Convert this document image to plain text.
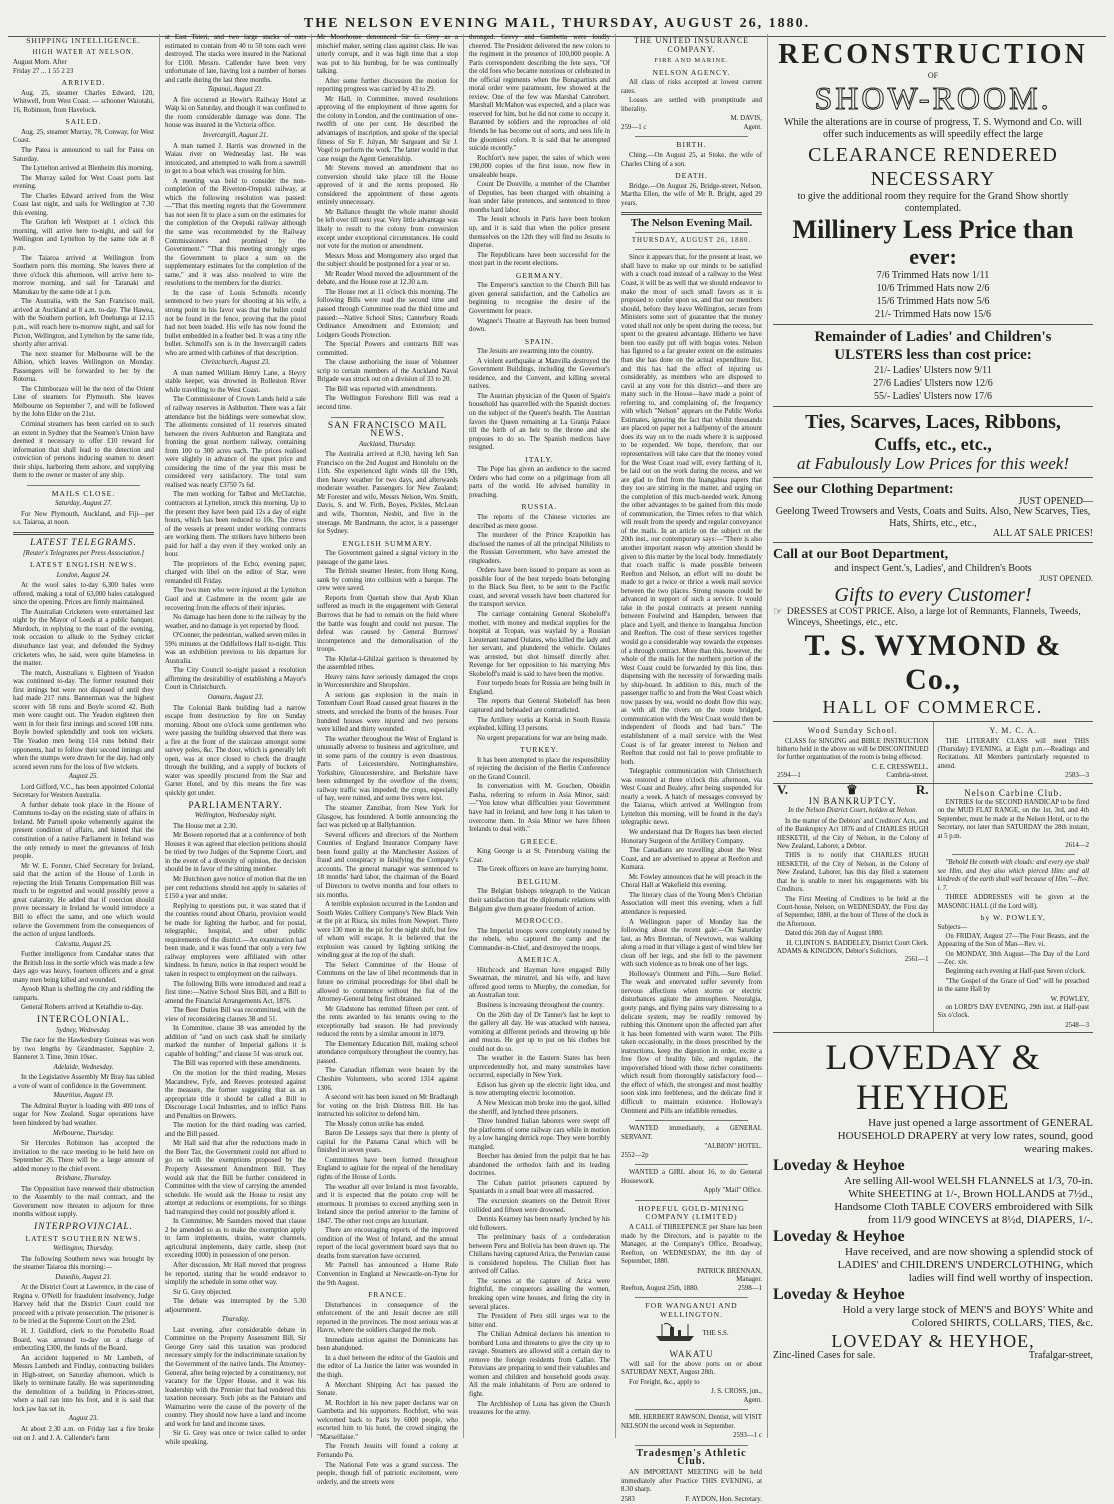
THE NELSON EVENING MAIL, THURSDAY, AUGUST 26, 1880.
SHIPPING INTELLIGENCE.
HIGH WATER AT NELSON.
August Morn. After
Friday 27 ... 1 55 2 23
ARRIVED.

Aug. 25, steamer Charles Edward, 120, Whitwell, from West Coast. — schooner Waiotahi, 16, Robinson, from Havelock.

SAILED.

Aug. 25, steamer Murray, 78, Conway, for West Coast.

The Patea is announced to sail for Patea on Saturday.

The Lyttelton arrived at Blenheim this morning.

The Murray sailed for West Coast ports last evening.

The Charles Edward arrived from the West Coast last night, and sails for Wellington at 7.30 this evening.

The Grafton left Westport at 1 o'clock this morning, will arrive here to-night, and sail for Wellington and Lyttelton by the same tide at 8 p.m.

The Taiaroa arrived at Wellington from Southern ports this morning. She leaves there at three o'clock this afternoon, will arrive here to-morrow morning, and sail for Taranaki and Manukau by the same tide at 1 p.m.

The Australia, with the San Francisco mail, arrived at Auckland at 8 a.m. to-day. The Hawea, with the Southern portion, left Onehunga at 12.15 p.m., will reach here to-morrow night, and sail for Picton, Wellington, and Lyttelton by the same tide, shortly after arrival.

The next steamer for Melbourne will be the Albion, which leaves Wellington on Monday. Passengers will be forwarded to her by the Rotorua.

The Chimborazo will be the next of the Orient Line of steamers for Plymouth. She leaves Melbourne on September 7, and will be followed by the John Elder on the 21st.

Criminal steamers has been carried on to such an extent in Sydney that the Seamen's Union have deemed it necessary to offer £10 reward for information that shall lead to the detection and conviction of persons inducing seamen to desert their ships, harboring them ashore, and supplying them to the owner or master of any ship.

MAILS CLOSE.
Saturday, August 27.

For New Plymouth, Auckland, and Fiji—per s.s. Taiaroa, at noon.

LATEST TELEGRAMS.
[Reuter's Telegrams per Press Association.]
LATEST ENGLISH NEWS.
London, August 24.

At the wool sales to-day 6,300 bales were offered, making a total of 63,000 bales catalogued since the opening. Prices are firmly maintained.

The Australian Cricketers were entertained last night by the Mayor of Leeds at a public banquet. Murdoch, in replying to the toast of the evening, took occasion to allude to the Sydney cricket disturbance last year, and defended the Sydney cricketers who, he said, were quite blameless in the matter.

The match, Australians v. Eighteen of Yeadon was continued to-day. The former resumed their first innings but were not disposed of until they had made 217 runs. Bannerman was the highest scorer with 58 runs and Boyle scored 42. Both men were caught out. The Yeadon eighteen then went in for their first innings and scored 108 runs. Boyle bowled splendidly and took ten wickets. The Yeadon men being 114 runs behind their opponents, had to follow their second innings and when the stumps were drawn for the day, had only scored seven runs for the loss of five wickets.

August 25.

Lord Gifford, V.C., has been appointed Colonial Secretary for Western Australia.

A further debate took place in the House of Commons to-day on the existing state of affairs in Ireland. Mr Parnell spoke vehemently against the present condition of affairs, and hinted that the constitution of a native Parliament in Ireland was the only remedy to meet the grievances of Irish people.

Mr W. E. Forster, Chief Secretary for Ireland, said that the action of the House of Lords in rejecting the Irish Tenants Compensation Bill was much to be regretted and would possibly prove a great calamity. He added that if coercion should prove necessary in Ireland he would introduce a Bill to effect the same, and one which would relieve the Government from the consequences of the action of unjust landlords.

Calcutta, August 25.

Further intelligence from Candahar states that the British loss in the sortie which was made a few days ago was heavy, fourteen officers and a great many men being killed and wounded.

Ayoob Khan is shelling the city and riddling the ramparts.

General Roberts arrived at Ketalhdie to-day.

INTERCOLONIAL.
Sydney, Wednesday.

The race for the Hawkesbury Guineas was won by two lengths by Grandmaster, Sapphire 2, Banneret 3. Time, 3min 10sec.

Adelaide, Wednesday.

In the Legislative Assembly Mr Bray has tabled a vote of want of confidence in the Government.

Mauritius, August 19.

The Admiral Ruyter is loading with 400 tons of sugar for New Zealand. Sugar operations have been hindered by bad weather.

Melbourne, Thursday.

Sir Hercules Robinson has accepted the invitation to the race meeting to be held here on September 26. There will be a large amount of added money to the chief event.

Brisbane, Thursday.

The Opposition have renewed their obstruction to the Assembly to the mail contract, and the Government now threaten to adjourn for three months without supply.

INTERPROVINCIAL.
LATEST SOUTHERN NEWS.
Wellington, Thursday.

The following Southern news was brought by the steamer Taiaroa this morning:—

Dunedin, August 21.

At the District Court at Lawrence, in the case of Regina v. O'Neill for fraudulent insolvency, Judge Harvey held that the District Court could not proceed with a private prosecution. The prisoner is to be tried at the Supreme Court on the 23rd.

H. J. Guildford, clerk to the Portobello Road Board, was arrested to-day on a charge of embezzling £300, the funds of the Board.

An accident happened to Mr Lambeth, of Messrs Lambeth and Findlay, contracting builders in High-street, on Saturday afternoon, which is likely to terminate fatally. He was superintending the demolition of a building in Princes-street, when a nail ran into his foot, and it is said that lock jaw has set in.

August 23.

At about 2.30 a.m. on Friday last a fire broke out on J. and J. A. Callender's farm

at East Taieri, and two large stacks of oats estimated to contain from 40 to 50 tons each were destroyed. The stacks were insured in the National for £100. Messrs. Callender have been very unfortunate of late, having lost a number of horses and cattle during the last three months.

Tapanui, August 23.

A fire occurred at Hewitt's Railway Hotel at Waip ki on Saturday, and though it was confined to the room considerable damage was done. The house was insured in the Victoria office.

Invercargill, August 21.

A man named J. Harris was drowned in the Waiau river on Wednesday last. He was intoxicated, and attempted to walk from a sawmill to get to a boat which was crossing for him.

A meeting was held to consider the non-completion of the Riverton-Orepuki railway, at which the following resolution was passed:—"That this meeting regrets that the Government has not seen fit to place a sum on the estimates for the completion of the Orepuki railway although the same was recommended by the Railway Commissioners and promised by the Government." "That this meeting strongly urges the Government to place a sum on the supplementary estimates for the completion of the same," and it was also resolved to wire the resolutions to the members for the district.

In the case of Louis Schmolls recently sentenced to two years for shooting at his wife, a strong point in his favor was that the bullet could not be found in the fence, proving that the pistol had not been loaded. His wife has now found the bullet embedded in a feather bed. It was a tiny rifle bullet. Schmoll's son is in the Invercargill cadets who are armed with carbines of that description.

Christchurch, August 23.

A man named William Henry Lane, a Heyry stable keeper, was drowned in Rolleston River while travelling to the West Coast.

The Commissioner of Crown Lands held a sale of railway reserves in Ashburton. There was a fair attendance but the biddings were somewhat slow. The allotments consisted of 11 reserves situated between the rivers Ashburton and Rangitata and fronting the great northern railway, containing from 100 to 300 acres each. The prices realised were slightly in advance of the upset price and considering the time of the year this must be considered very satisfactory. The total sum realised was nearly £3750 7s 6d.

The men working for Talbot and McClatchie, contractors at Lyttelton, struck this morning. Up to the present they have been paid 12s a day of eight hours, which has been reduced to 10s. The crews of the vessels at present under working contracts are working them. The strikers have hitherto been paid for half a day even if they worked only an hour.

The proprietors of the Echo, evening paper, charged with libel on the editor of Star, were remanded till Friday.

The two men who were injured at the Lyttelton Gaol and at Cashmere in the recent gale are recovering from the effects of their injuries.

No damage has been done to the railway by the weather, and no damage is yet reported by flood.

O'Conner, the pedestrian, walked seven miles in 59¾ minutes at the Oddfellows Hall to-night. This was an exhibition previous to his departure for Australia.

The City Council to-night passed a resolution affirming the desirability of establishing a Mayor's Court in Christchurch.

Oamaru, August 23.

The Colonial Bank building had a narrow escape from destruction by fire on Sunday morning. About one o'clock some gentlemen who were passing the building observed that there was a fire at the front of the staircase amongst some survey poles, &c. The door, which is generally left open, was at once closed to check the draught through the building, and a supply of buckets of water was speedily procured from the Star and Garter Hotel, and by this means the fire was quickly got under.

PARLIAMENTARY.
Wellington, Wednesday night.

The House met at 2.30.

Mr Bowen reported that at a conference of both Houses it was agreed that election petitions should be tried by two Judges of the Supreme Court, and in the event of a diversity of opinion, the decision should be in favor of the sitting member.

Mr Hutchison gave notice of motion that the ten per cent reductions should not apply to salaries of £150 a year and under.

Replying to questions put, it was stated that if the counties round about Ohariu, provision would be made for lighting the harbor, and for postal, telegraphic, hospital, and other public requirements of the district.—An examination had been made, and it was found that only a very few railway employees were affiliated with other kindness. In future, notice in that respect would be taken in respect to employment on the railways.

The following Bills were introduced and read a first time:—Native School Sites Bill, and a Bill to amend the Financial Arrangements Act, 1876.

The Beer Duties Bill was recommitted, with the view of reconsidering clauses 38 and 51.

In Committee, clause 38 was amended by the addition of "and on such cask shall be similarly marked the number of Imperial gallons it is capable of holding;" and clause 51 was struck out.

The Bill was reported with these amendments.

On the motion for the third reading, Messrs Macandrew, Fyfe, and Reeves protested against the measure, the former suggesting that as an appropriate title it should be called a Bill to Discourage Local Industries, and to inflict Pains and Penalties on Brewers.

The motion for the third reading was carried, and the Bill passed.

Mr Hall said that after the reductions made in the Beer Tax, the Government could not afford to go on with the exemptions proposed by the Property Assessment Amendment Bill. They would ask that the Bill be further considered in Committee with the view of carrying the amended schedule. He would ask the House to resist any attempt at reductions or exemptions, for so things had transpired they could not possibly afford it.

In Committee, Mr Saunders moved that clause 2 be amended so as to make the exemption apply to farm implements, drains, water channels, agricultural implements, dairy cattle, sheep (not exceeding 1000) in possession of one person.

After discussion, Mr Hall moved that progress be reported, stating that he would endeavor to simplify the schedule in some other way.

Sir G. Grey objected.

The debate was interrupted by the 5.30 adjournment.

Thursday.

Last evening, after considerable debate in Committee on the Property Assessment Bill, Sir George Grey said this taxation was produced necessary simply for the indiscriminate taxation by the Government of the native lands. The Attorney-General, after being rejected by a constituency, not vacancy for the Upper House, and it was his leadership with the Premier that had rendered this taxation necessary. Such jobs as the Patutaro and Waimarino were the cause of the poverty of the country. They should now have a land and income and work for land and income taxes.

Sir G. Grey was once or twice called to order while speaking.

Mr Moorhouse denounced Sir G. Grey as a mischief maker, setting class against class. He was utterly corrupt, and it was high time that a stop was put to his humbug, for he was continually talking.

After some further discussion the motion for reporting progress was carried by 43 to 29.

Mr Hall, in Committee, moved resolutions approving of the employment of three agents for the colony in London, and the continuation of one-twelfth of one per cent. He described the advantages of inscription, and spoke of the special fitness of Sir F. Julyan, Mr Sargeant and Sir J. Vogel to perform the work. The latter would in that case resign the Agent Generalship.

Mr Stevens moved an amendment that no conversion should take place till the House approved of it and the terms proposed. He considered the appointment of these agents entirely unnecessary.

Mr Ballance thought the whole matter should be left over till next year. Very little advantage was likely to result to the colony from conversion except under exceptional circumstances. He could not vote for the motion or amendment.

Messrs Moss and Montgomery also urged that the subject should be postponed for a year or so.

Mr Reader Wood moved the adjournment of the debate, and the House rose at 12.30 a.m.

The House met at 11 o'clock this morning. The following Bills were read the second time and passed through Committee read the third time and passed:—Native School Sites; Canterbury Roads Ordinance Amendment and Extension; and Lodgers Goods Protection.

The Special Powers and contracts Bill was committed.

The clause authorising the issue of Volunteer scrip to certain members of the Auckland Naval Brigade was struck out on a division of 33 to 20.

The Bill was reported with amendments.

The Wellington Foreshore Bill was read a second time.

SAN FRANCISCO MAIL NEWS.
Auckland, Thursday.

The Australia arrived at 8.30, having left San Francisco on the 2nd August and Honolulu on the 11th. She experienced light winds till the 19th, then heavy weather for two days, and afterwards moderate weather. Passengers for New Zealand; Mr Forester and wife, Messrs Nelson, Wm. Smith, Davis, S. and W. Firth, Boyes, Pickles, McLean and wife, Thornton, Nesbit, and five in the steerage. Mr Bandmann, the actor, is a passenger for Sydney.

ENGLISH SUMMARY.

The Government gained a signal victory in the passage of the game laws.

The British steamer Hester, from Hong Kong, sank by coming into collision with a barque. The crew were saved.

Reports from Quettah show that Ayub Khan suffered as much in the engagement with General Burrows that he had to remain on the field where the battle was fought and could not pursue. The defeat was caused by General Burrows' incompetence and the demoralisation of the troops.

The Khelat-i-Ghilzai garrison is threatened by the assembled tribes.

Heavy rains have seriously damaged the crops in Worcestershire and Shropshire.

A serious gas explosion in the main in Tottenham Court Road caused great fissures in the streets, and wrecked the fronts of the houses. Four hundred houses were injured and two persons were killed and thirty wounded.

The weather throughout the West of England is unusually adverse to business and agriculture, and in some parts of the country is even disastrous. Parts of Leicestershire, Nottinghamshire, Yorkshire, Gloucestershire, and Berkshire have been submerged by the overflow of the rivers; railway traffic was impeded; the crops, especially of hay, were ruined, and some lives were lost.

The steamer Zanzibar, from New York for Glasgow, has foundered. A bottle announcing the fact was picked up at Ballyhannion.

Several officers and directors of the Northern Counties of England Insurance Company have been found guilty at the Manchester Assizes of fraud and conspiracy in falsifying the Company's accounts. The general manager was sentenced to 18 months' hard labor, the chairman of the Board of Directors to twelve months and four others to six months.

A terrible explosion occurred in the London and South Wales Colliery Company's New Black Vein at the pit at Risca, six miles from Newport. There were 130 men in the pit for the night shift, but few of whom will escape. It is believed that the explosion was caused by lighting striking the winding gear at the top of the shaft.

The Select Committee of the House of Commons on the law of libel recommends that in future no criminal proceedings for libel shall be allowed to commence without the fiat of the Attorney-General being first obtained.

Mr Gladstone has remitted fifteen per cent. of the rents awarded to his tenants owing to the exceptionally bad season. He had previously reduced the rents by a similar amount in 1879.

The Elementary Education Bill, making school attendance compulsory throughout the country, has passed.

The Canadian rifleman were beaten by the Cheshire Volunteers, who scored 1314 against 1306.

A second writ has been issued on Mr Bradlaugh for voting on the Irish Distress Bill. He has instructed his solicitor to defend him.

The Mossly cotton strike has ended.

Baron De Lesseps says that there is plenty of capital for the Panama Canal which will be finished in seven years.

Committees have been formed throughout England to agitate for the repeal of the hereditary rights of the House of Lords.

The weather all over Ireland is most favorable, and it is expected that the potato crop will be enormous. It promises to exceed anything seen in Ireland since the period anterior to the famine of 1847. The other root crops are luxuriant.

There are encouraging reports of the improved condition of the West of Ireland, and the annual report of the local government board says that no deaths from starvation have occurred.

Mr Parnell has announced a Home Rule Convention in England at Newcastle-on-Tyne for the 9th August.

FRANCE.

Disturbances in consequence of the enforcement of the anti Jesuit decree are still reported in the provinces. The most serious was at Havre, where the soldiers charged the mob.

Immediate action against the Dominicans has been abandoned.

In a duel between the editor of the Gaulois and the editor of La Justice the latter was wounded in the thigh.

A Merchant Shipping Act has passed the Senate.

M. Rochfort in his new paper declares war on Gambetta and his supporters. Rochfort, who was welcomed back to Paris by 6000 people, who escorted him to his hotel, the crowd singing the "Marseillaise."

The French Jesuits will found a colony at Fernando Po.

The National Fete was a grand success. The people, though full of patriotic excitement, were orderly, and the streets were

thronged. Grevy and Gambetta were loudly cheered. The President delivered the new colors to the regiment in the presence of 100,000 people. A Paris correspondent describing the fete says, "Of the old foes who became notorious or celebrated in the official regiments when the Bonapartists and moral order were paramount, few showed at the review. One of the few was Marshal Canrobert. Marshall McMahon was expected, and a place was reserved for him, but he did not come to occupy it. Baranted by soldiers and the reproaches of old friends he has become out of sorts, and sees life in the gloomiest colors. It is said that he attempted suicide recently."

Rochfort's new paper, the sales of which were 190,000 copies of the first issue, now flew in unsaleable heaps.

Count De Douville, a member of the Chamber of Deputies, has been charged with obtaining a loan under false pretences, and sentenced to three months hard labor.

The Jesuit schools in Paris have been broken up, and it is said that when the police present themselves on the 12th they will find no Jesuits to disperse.

The Republicans have been successful for the most part in the recent elections.

GERMANY.

The Emperor's sanction to the Church Bill has given general satisfaction, and the Catholics are beginning to recognise the desire of the Government for peace.

Wagner's Theatre at Bayreuth has been burned down.

SPAIN.

The Jesuits are swarming into the country.

A violent earthquake at Manvilla destroyed the Government Buildings, including the Governor's residence, and the Convent, and killing several natives.

The Austrian physician of the Queen of Spain's household has quarrelled with the Spanish doctors on the subject of the Queen's health. The Austrian favors the Queen remaining at La Granja Palace till the birth of an heir to the throne and she proposes to do so. The Spanish medicos have resigned.

ITALY.

The Pope has given an audience to the sacred Orders who had come on a pilgrimage from all parts of the world. He advised humility in preaching.

RUSSIA.

The reports of the Chinese victories are described as mere goose.

The murderer of the Prince Krapotkin has disclosed the names of all the principal Nihilists to the Russian Government, who have arrested the ringleaders.

Orders have been issued to prepare as soon as possible four of the best torpedo boats belonging to the Black Sea fleet, to be sent to the Pacific coast, and several vessels have been chartered for the transport service.

The carriage containing General Skobeloff's mother, with money and medical supplies for the hospital at Tcopan, was waylaid by a Russian Lieutenant named Oulates, who killed the lady and her servant, and plundered the vehicle. Oulates was arrested, but shot himself directly after. Revenge for her opposition to his marrying Mrs Skobeloff's maid is said to have been the motive.

Four torpedo boats for Russia are being built in England.

The reports that General Skobeloff has been captured and beheaded are contradicted.

The Artillery works at Korisk in South Russia exploded, killing 13 persons.

No urgent preparations for war are being made.

TURKEY.

It has been attempted to place the responsibility of rejecting the decision of the Berlin Conference on the Grand Council.

In conversation with M. Goschen, Obeidin Pasha, referring to reform in Asia Minor, said:—"You know what difficulties your Government have had in Ireland, and how long it has taken to overcome them. In Asia Minor we have fifteen Irelands to deal with."

GREECE.

King George is at St. Petersburg visiting the Czar.

The Greek officers on leave are hurrying home.

BELGIUM.

The Belgian bishops telegraph to the Vatican their satisfaction that the diplomatic relations with Belgium give them greater freedom of action.

MOROCCO.

The Imperial troops were completely routed by the rebels, who captured the camp and the Commander-in-Chief, and destroyed the troops.

AMERICA.

Hitchcock and Hayman have engaged Billy Sweatman, the minstrel, and his wife, and have offered good terms to Murphy, the comedian, for an Australian tour.

Business is increasing throughout the country.

On the 26th day of Dr Tanner's fast he kept to the gallery all day. He was attacked with nausea, vomiting at different periods and throwing up bile and mucus. He got up to put on his clothes but could not do so.

The weather in the Eastern States has been unprecedentedly hot, and many sunstrokes have occurred, especially in New York.

Edison has given up the electric light idea, and is now attempting electric locomotion.

A New Mexican mob broke into the gaol, killed the sheriff, and lynched three prisoners.

Three hundred Italian laborers were swept off the platforms of some railway cars while in motion by a low hanging derrick rope. They were horribly mangled.

Beecher has denied from the pulpit that he has abandoned the orthodox faith and its leading doctrines.

The Cuban patriot prisoners captured by Spaniards in a small boat were all massacred.

The excursion steamers on the Detroit River collided and fifteen were drowned.

Dennis Kearney has been nearly lynched by his old followers.

The preliminary basis of a confederation between Peru and Bolivia has been drawn up. The Chilians having captured Arica, the Peruvian cause is considered hopeless. The Chilian fleet has arrived off Callao.

The scenes at the capture of Arica were frightful, the conquerors assailing the women, breaking open wine houses, and firing the city in several places.

The President of Peru still urges war to the bitter end.

The Chilian Admiral declares his intention to bombard Luna and threatens to give the city up to ravage. Steamers are allowed still a certain day to remove the foreign residents from Callao. The Peruvians are preparing to send their valuables and women and children and household goods away. All the male inhabitants of Peru are ordered to fight.

The Archbishop of Luna has given the Church treasures for the army.

THE UNITED INSURANCE COMPANY.
FIRE AND MARINE.
NELSON AGENCY.

All class of risks accepted at lowest current rates.

Losses are settled with promptitude and liberality.

M. DAVIS,
259—1 c	Agent.
BIRTH.

Ching.—On August 25, at Stoke, the wife of Charles Ching of a son.

DEATH.

Bridge.—On August 26, Bridge-street, Nelson, Martha Ellen, the wife of Mr R. Bright, aged 29 years.

The Nelson Evening Mail.
THURSDAY, AUGUST 26, 1880.

Since it appears that, for the present at least, we shall have to make up our minds to be satisfied with a coach road instead of a railway to the West Coast, it will be as well that we should endeavor to make the most of such small favors as it is proposed to confer upon us, and that our members should, before they leave Wellington, secure from Ministers some sort of guarantee that the money voted shall not only be spent during the recess, but spent to the greatest advantage. Hitherto we have been too easily put off with bogus votes. Nelson has figured to a far greater extent on the estimates than she has done on the actual expenditure list, and this has had the effect of injuring us considerably, as members who are disposed to cavil at any vote for this district—and there are many such in the House—have made a point of referring to, and complaining of, the frequency with which "Nelson" appears on the Public Works Estimates, ignoring the fact that whilst thousands are placed on paper not a halfpenny of the amount does its way on to the roads where it is supposed to be expended. We hope, therefore, that our representatives will take care that the money voted for the West Coast road will, every farthing of it, be laid out on the work during the recess, and we are glad to find from the Inangahua papers that they too are stirring in the matter, and urging on the completion of this much-needed work. Among the other advantages to be gained from this mode of communication, the Times refers to that which will result from the speedy and regular conveyance of the mails. In an article on the subject on the 20th inst., our contemporary says:—"There is also another important reason why attention should be given to this matter by the local body. Immediately that coach traffic is made possible between Reefton and Nelson, an effort will no doubt be made to get a twice or thrice a week mail service between the two places. Strong reasons could be advanced in support of such a service. It would take in the postal contracts at present running between Foulwind and Hampden, between that place and Lyell, and thence to Inangahua Junction and Reefton. The cost of these services together would go a considerable way towards the expenses of a through contract. More than this, however, the whole of the mails for the northern portion of the West Coast could be forwarded by this line, thus dispensing with the necessity of forwarding mails by ship-board. In addition to this, much of the passenger traffic to and from the West Coast which now passes by sea, would no doubt flow this way, as with all the rivers on the route bridged, communication with the West Coast would then be independent of floods and bad bars." The establishment of a mail service with the West Coast is of far greater interest to Nelson and Reefton that could not fail to prove profitable to both.

Telegraphic communication with Christchurch was restored at three o'clock this afternoon, via West Coast and Bealey, after being suspended for nearly a week. A batch of messages conveyed by the Taiaroa, which arrived at Wellington from Lyttelton this morning, will be found in the day's telegraphic news.

We understand that Dr Rogers has been elected Honorary Surgeon of the Artillery Company.

The Canadians are travelling about the West Coast, and are advertised to appear at Reefton and Kumara.

Mr. Fowley announces that he will preach in the Choral Hall at Wakefield this evening.

The literary class of the Young Men's Christian Association will meet this evening, when a full attendance is requested.

A Wellington paper of Monday has the following about the recent gale:—On Saturday last, as Mrs Brennan, of Newtown, was walking along a road in that village a gust of wind blew her clean off her legs, and she fell to the pavement with such violence as to break one of her legs.

Holloway's Ointment and Pills.—Sure Relief. The weak and enervated suffer severely from nervous affections when storms or electric disturbances agitate the atmosphere. Neuralgia, gouty pangs, and flying pains vary distressing to a delicate system, may be readily removed by rubbing this Ointment upon the affected part after it has been fomented with warm water. The Pills taken occasionally, in the doses prescribed by the instructions, keep the digestion in order, excite a free flow of healthy bile, and regulate, the impoverished blood with those richer constituents which result from thoroughly satisfactory food—the effect of which, the strongest and most healthy soon sink into feebleness, and the delicate find it difficult to maintain existence. Holloway's Ointment and Pills are infallible remedies.

WANTED immediately, a GENERAL SERVANT.

"ALBION" HOTEL.
2552—2p

WANTED a GIRL about 16, to do General Housework.

Apply "Mail" Office.
HOPEFUL GOLD-MINING COMPANY (LIMITED)

A CALL of THREEPENCE per Share has been made by the Directors, and is payable to the Manager, at the Company's Office, Broadway, Reefton, on WEDNESDAY, the 8th day of September, 1880.

PATRICK BRENNAN,
Manager.
Reefton, August 25th, 1880.	2598—1
FOR WANGANUI AND WELLINGTON.
THE S.S.
WAKATU

will sail for the above ports on or about SATURDAY NEXT, August 28th.

For Freight, &c., apply to

J. S. CROSS, jun.,
Agent.

MR. HERBERT RAWSON, Dentist, will VISIT NELSON the second week in September.

2593—1 c
Tradesmen's Athletic Club.

AN IMPORTANT MEETING will be held immediately after Practice THIS EVENING, at 8.30 sharp.

2583	F. AYDON, Hon. Secretary.
RECONSTRUCTION
OF
SHOW-ROOM.
While the alterations are in course of progress, T. S. Wymond and Co. will offer such inducements as will speedily effect the large
CLEARANCE RENDERED NECESSARY
to give the additional room they require for the Grand Show shortly contemplated.
Millinery Less Price than
ever:
7/6 Trimmed Hats now 1/11
10/6 Trimmed Hats now 2/6
15/6 Trimmed Hats now 5/6
21/- Trimmed Hats now 15/6
Remainder of Ladies' and Children's
ULSTERS less than cost price:
21/- Ladies' Ulsters now 9/11
27/6 Ladies' Ulsters now 12/6
55/- Ladies' Ulsters now 17/6
Ties, Scarves, Laces, Ribbons,
Cuffs, etc., etc.,
at Fabulously Low Prices for this week!
See our Clothing Department:
JUST OPENED—
Geelong Tweed Trowsers and Vests, Coats and Suits. Also, New Scarves, Ties, Hats, Shirts, etc., etc.,
ALL AT SALE PRICES!
Call at our Boot Department,
and inspect Gent.'s, Ladies', and Children's Boots
JUST OPENED.
Gifts to every Customer!
☞ DRESSES at COST PRICE. Also, a large lot of Remnants, Flannels, Tweeds, Winceys, Sheetings, etc., etc.
T. S. WYMOND & Co.,
HALL OF COMMERCE.
Wood Sunday School.

CLASS for SINGING and BIBLE INSTRUCTION hitherto held in the above on will be DISCONTINUED for further organization of the room is being effected.

C. E. CRESSWELL.
2594—1	Cambria-street.
Y. M. C. A.

THE LITERARY CLASS will meet THIS (Thursday) EVENING, at Eight p.m.—Readings and Recitations. All Members particularly requested to attend.

2583—3
V.	♛	R.
IN BANKRUPTCY.
In the Nelson District Court, holden at Nelson.

In the matter of the Debtors' and Creditors' Acts, and of the Bankruptcy Act 1876 and of CHARLES HUGH HESKETH, of the City of Nelson, in the Colony of New Zealand, Laborer, a Debtor.

THIS is to notify that CHARLES HUGH HESKETH, of the City of Nelson, in the Colony of New Zealand, Laborer, has this day filed a statement that he is unable to meet his engagements with his Creditors.

The First Meeting of Creditors to be held at the Court-house, Nelson, on WEDNESDAY, the First day of September, 1880, at the hour of Three of the clock in the Afternoon.

Dated this 26th day of August 1880.

H. CLINTON S. BADDELEY, District Court Clerk.
ADAMS & KINGDON, Debtor's Solicitors.
2561—1
Nelson Carbine Club.

ENTRIES for the SECOND HANDICAP to be fired on the MUD FLAT RANGE, on the 1st, 3rd, and 4th September, must be made at the Nelson Hotel, or to the Secretary, not later than SATURDAY the 28th instant, at 5 p.m.

2614—2

"Behold He cometh with clouds: and every eye shall see Him, and they also which pierced Him: and all kindreds of the earth shall wail because of Him."—Rev. i. 7.

THREE ADDRESSES will be given at the MASONIC HALL (if the Lord will),

by W. POWLEY,
Subjects—

On FRIDAY, August 27—The Four Beasts, and the Appearing of the Son of Man—Rev. vi.

On MONDAY, 30th August—The Day of the Lord—Zec. xiv.

Beginning each evening at Half-past Seven o'clock.

"The Gospel of the Grace of God" will be preached in the same Hall by

W. POWLEY,

on LORD'S DAY EVENING, 29th inst. at Half-past Six o'clock.

2548—3
LOVEDAY & HEYHOE
Have just opened a large assortment of GENERAL HOUSEHOLD DRAPERY at very low rates, sound, good wearing makes.
Loveday & Heyhoe
Are selling All-wool WELSH FLANNELS at 1/3, 70-in. White SHEETING at 1/-, Brown HOLLANDS at 7½d., Handsome Cloth TABLE COVERS embroidered with Silk from 11/9 good WINCEYS at 8½d, DIAPERS, 1/-.
Loveday & Heyhoe
Have received, and are now showing a splendid stock of LADIES' and CHILDREN'S UNDERCLOTHING, which ladies will find well worthy of inspection.
Loveday & Heyhoe
Hold a very large stock of MEN'S and BOYS' White and Colored SHIRTS, COLLARS, TIES, &c.
LOVEDAY & HEYHOE,
Zinc-lined Cases for sale.	Trafalgar-street,
